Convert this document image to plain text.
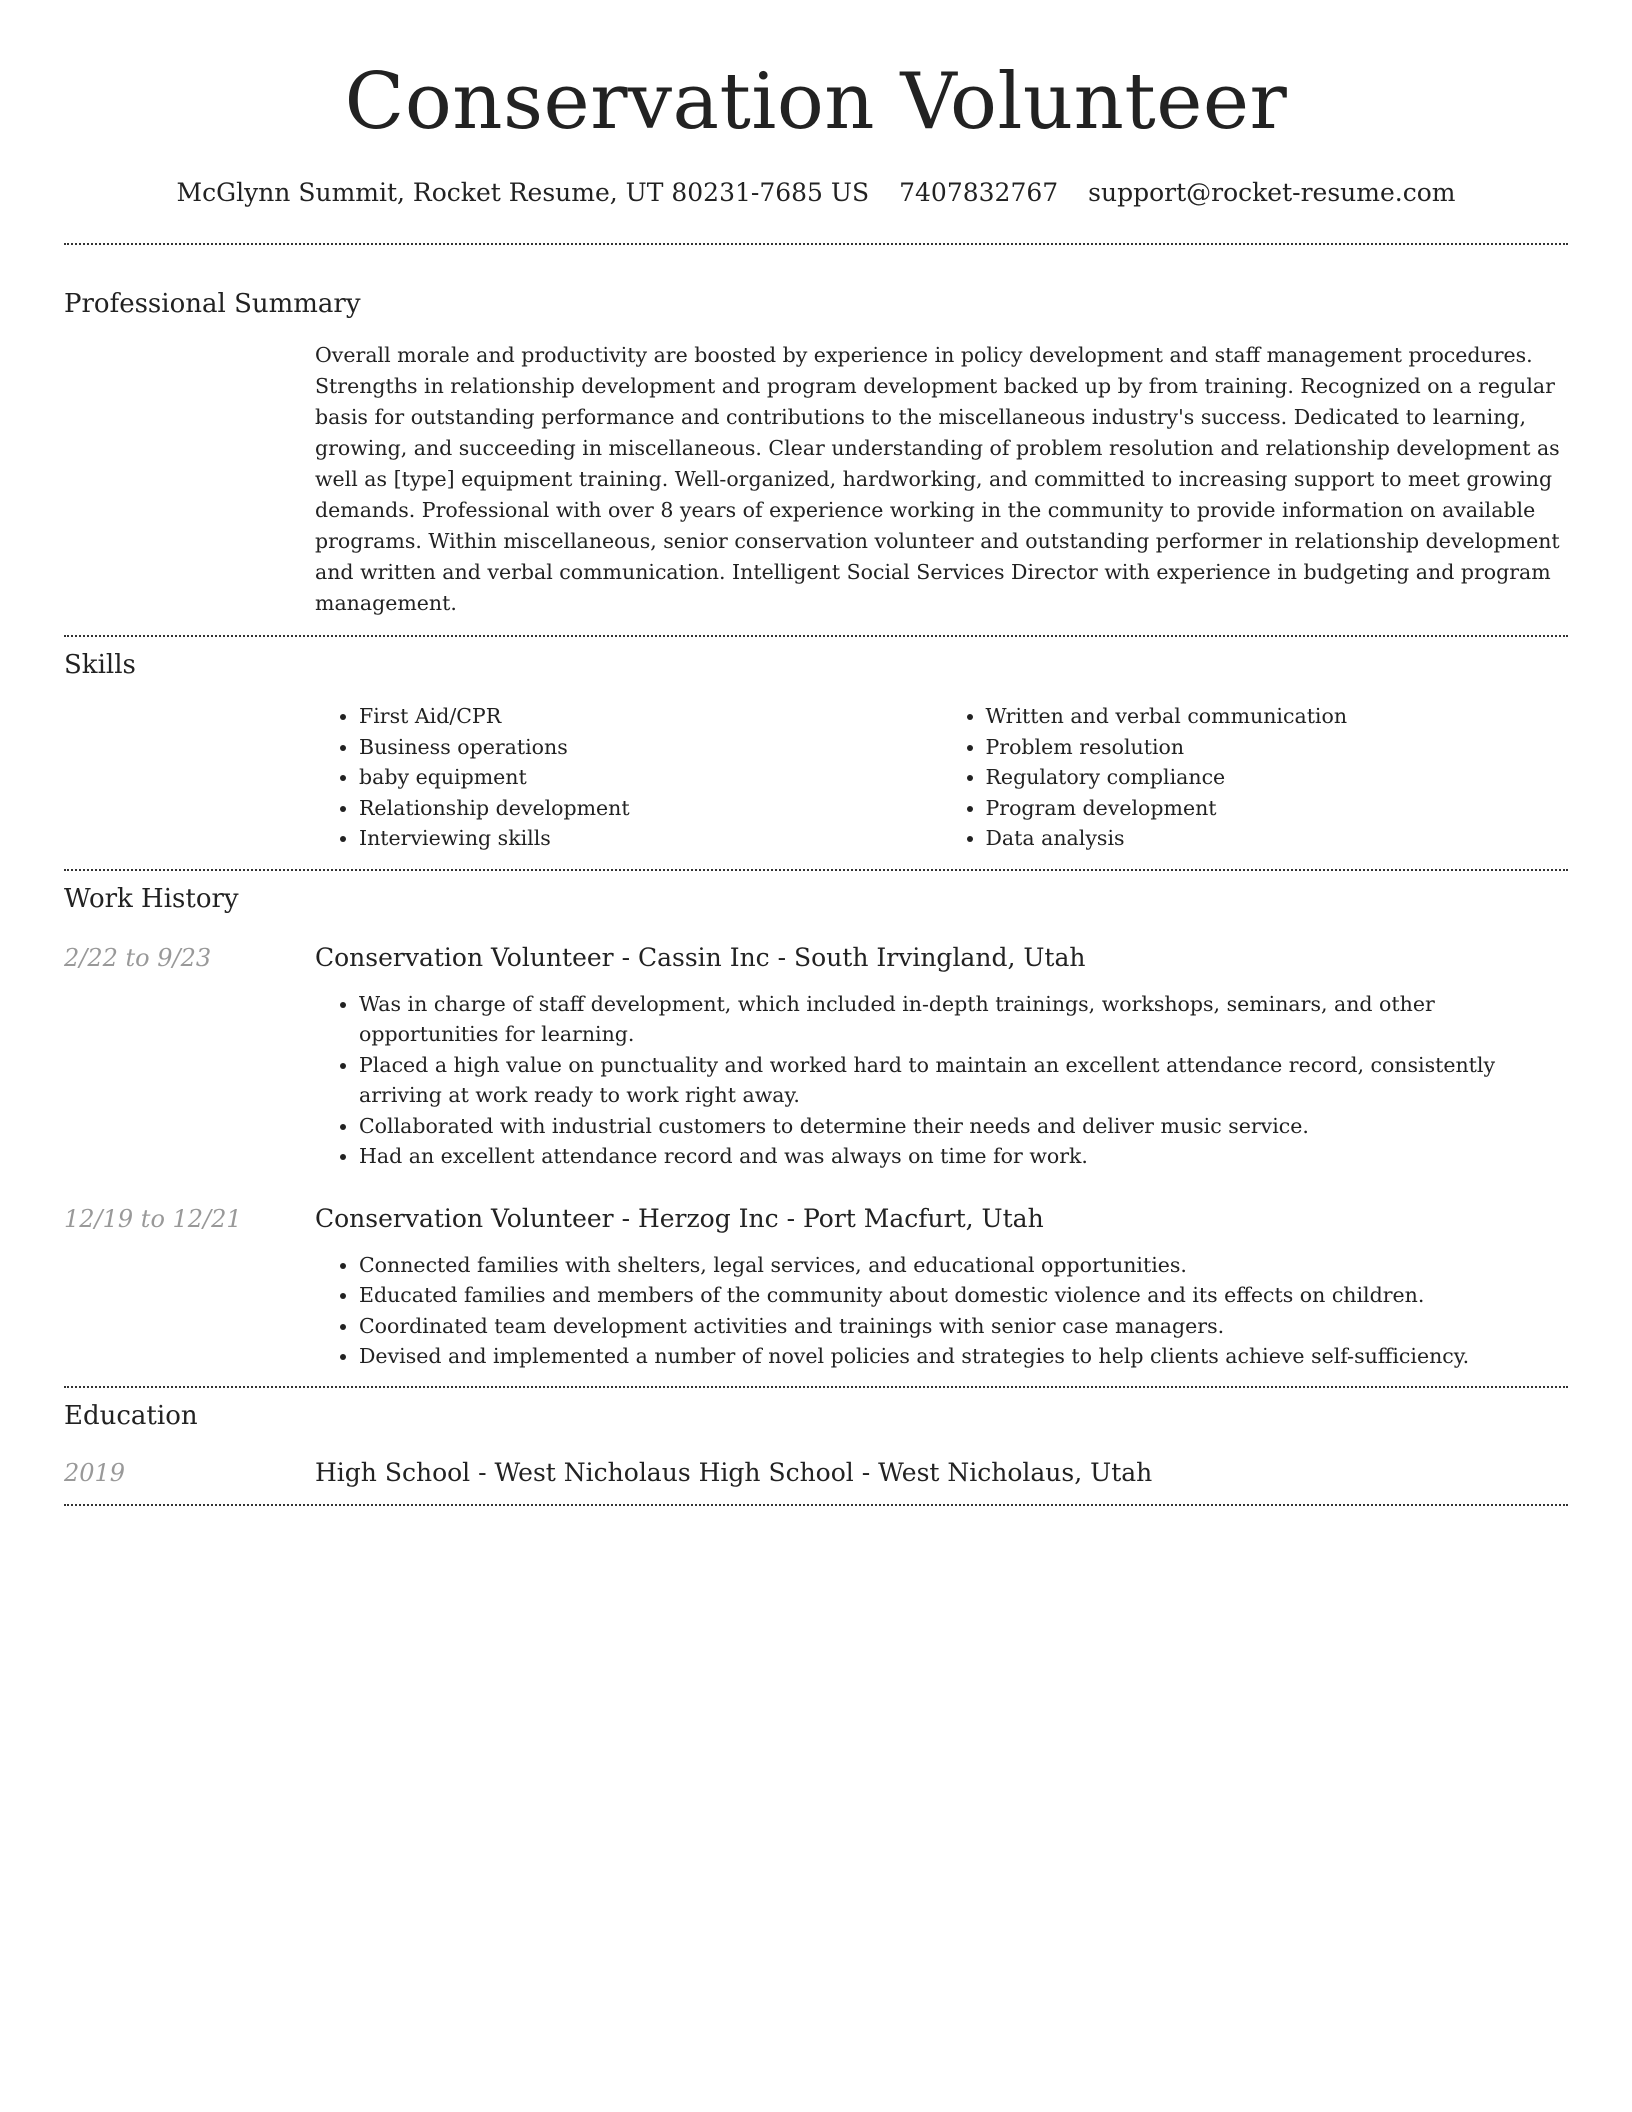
Conservation Volunteer
McGlynn Summit, Rocket Resume, UT 80231-7685 US 7407832767 support@rocket-resume.com
Professional Summary

Overall morale and productivity are boosted by experience in policy development and staff management procedures. Strengths in relationship development and program development backed up by from training. Recognized on a regular basis for outstanding performance and contributions to the miscellaneous industry's success. Dedicated to learning, growing, and succeeding in miscellaneous. Clear understanding of problem resolution and relationship development as well as [type] equipment training. Well-organized, hardworking, and committed to increasing support to meet growing demands. Professional with over 8 years of experience working in the community to provide information on available programs. Within miscellaneous, senior conservation volunteer and outstanding performer in relationship development and written and verbal communication. Intelligent Social Services Director with experience in budgeting and program management.

Skills
• First Aid/CPR
• Business operations
• baby equipment
• Relationship development
• Interviewing skills
• Written and verbal communication
• Problem resolution
• Regulatory compliance
• Program development
• Data analysis
Work History
2/22 to 9/23	Conservation Volunteer - Cassin Inc - South Irvingland, Utah
• Was in charge of staff development, which included in-depth trainings, workshops, seminars, and other opportunities for learning.
• Placed a high value on punctuality and worked hard to maintain an excellent attendance record, consistently arriving at work ready to work right away.
• Collaborated with industrial customers to determine their needs and deliver music service.
• Had an excellent attendance record and was always on time for work.
12/19 to 12/21	Conservation Volunteer - Herzog Inc - Port Macfurt, Utah
• Connected families with shelters, legal services, and educational opportunities.
• Educated families and members of the community about domestic violence and its effects on children.
• Coordinated team development activities and trainings with senior case managers.
• Devised and implemented a number of novel policies and strategies to help clients achieve self-sufficiency.
Education
2019	High School - West Nicholaus High School - West Nicholaus, Utah
